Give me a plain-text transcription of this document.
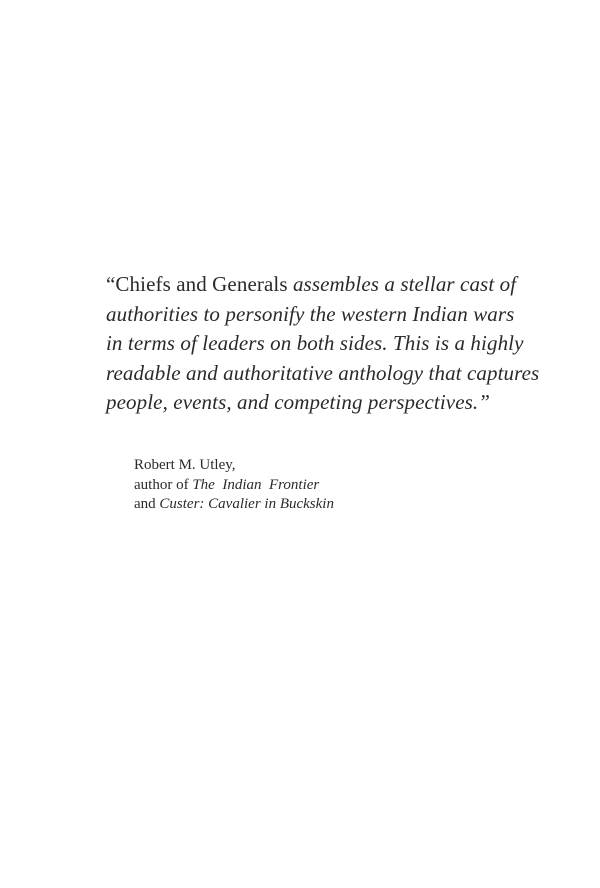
“Chiefs and Generals assembles a stellar cast of
authorities to personify the western Indian wars
in terms of leaders on both sides. This is a highly
readable and authoritative anthology that captures
people, events, and competing perspectives.”
Robert M. Utley,
author of The  Indian  Frontier
and Custer: Cavalier in Buckskin
